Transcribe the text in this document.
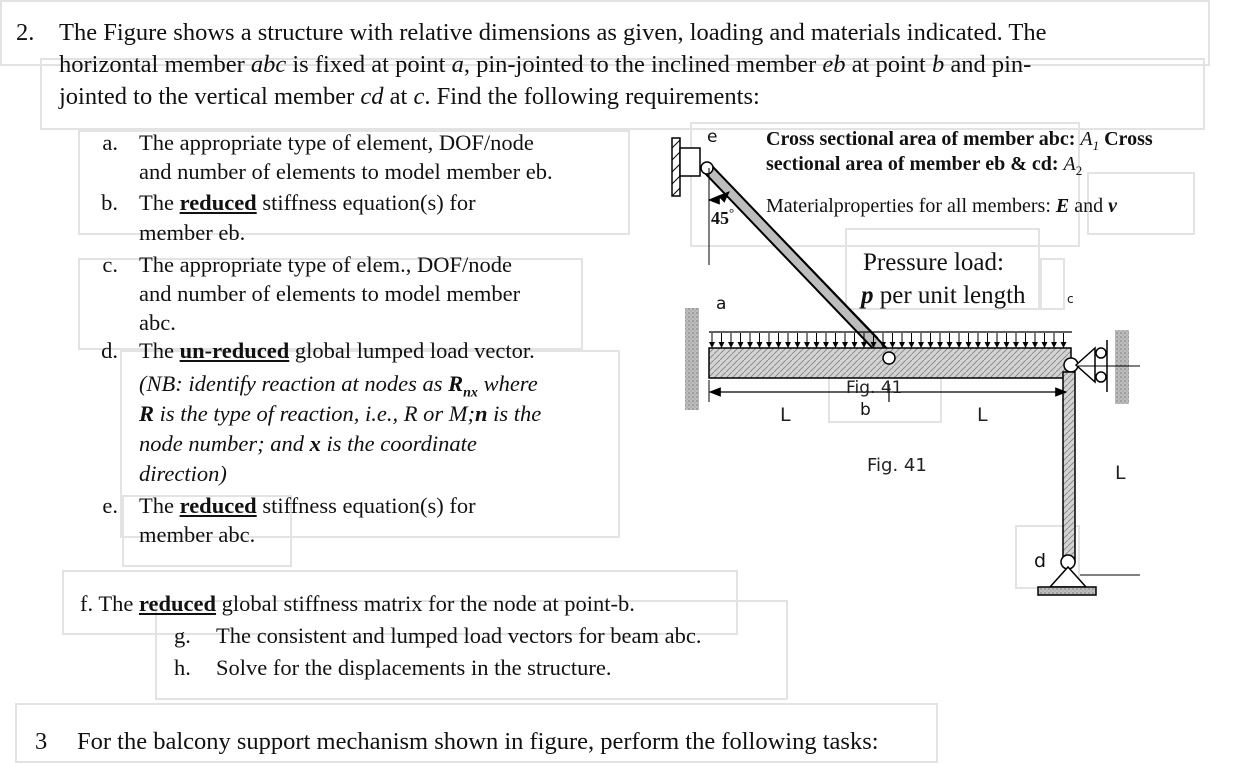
2. The Figure shows a structure with relative dimensions as given, loading and materials indicated. The
horizontal member abc is fixed at point a, pin-jointed to the inclined member eb at point b and pin-
jointed to the vertical member cd at c. Find the following requirements:
a. The appropriate type of element, DOF/node
and number of elements to model member eb.
b. The reduced stiffness equation(s) for
member eb.
c. The appropriate type of elem., DOF/node
and number of elements to model member
abc.
d. The un-reduced global lumped load vector.
(NB: identify reaction at nodes as $R_{nx}$ where
R is the type of reaction, i.e., R or M;n is the
node number; and x is the coordinate
direction)
e. The reduced stiffness equation(s) for
member abc.
f. The reduced global stiffness matrix for the node at point-b.
g. The consistent and lumped load vectors for beam abc.
h. Solve for the displacements in the structure.
Cross sectional area of member abc: $A_1$ Cross
sectional area of member eb & cd: $A_2$
Materialproperties for all members: E and v
Pressure load:
p per unit length
45°
e
a	c
b
d
Fig. 41
L	L
L
Fig. 41
3 For the balcony support mechanism shown in figure, perform the following tasks:
